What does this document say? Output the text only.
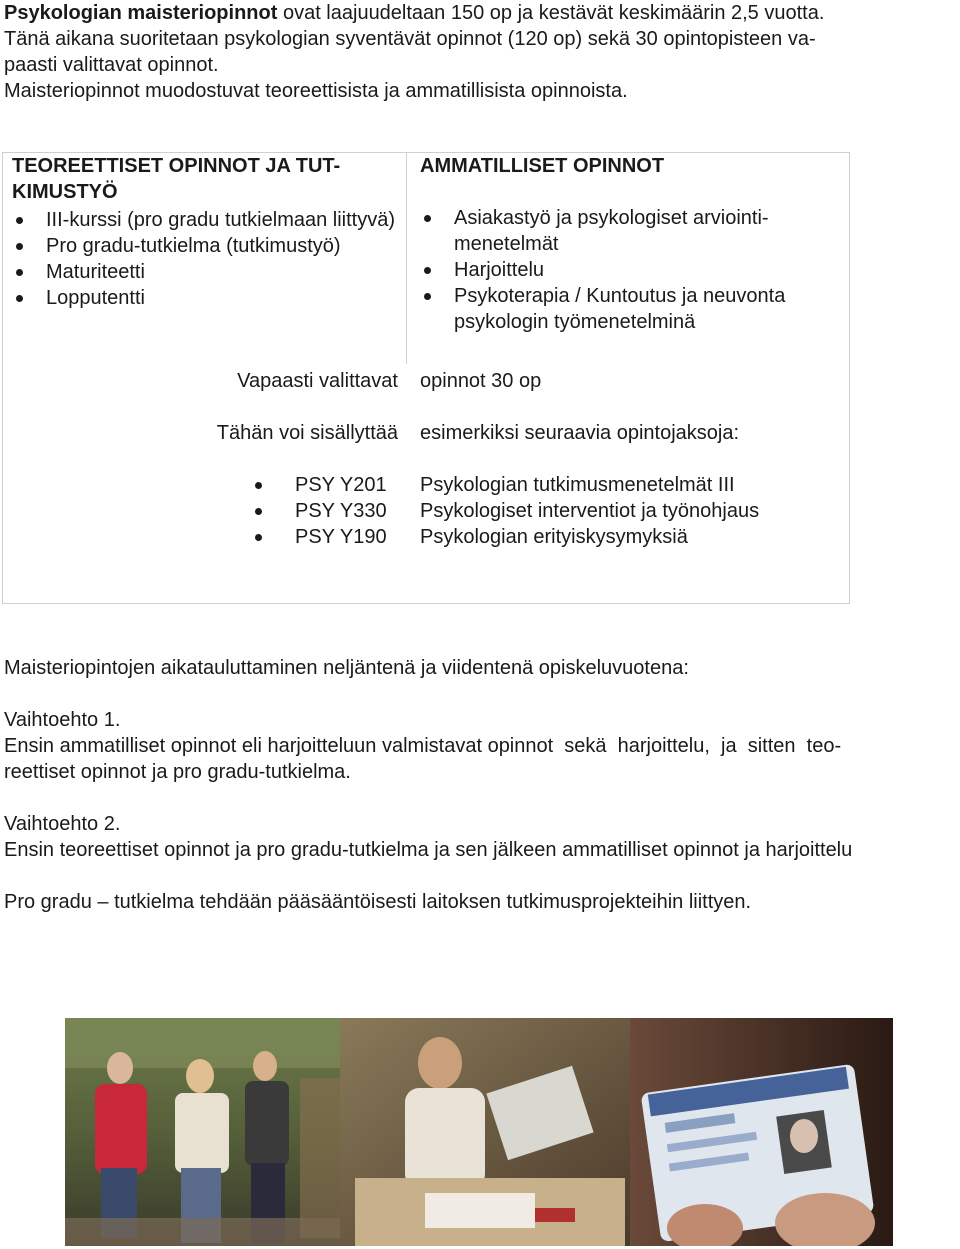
Psykologian maisteriopinnot ovat laajuudeltaan 150 op ja kestävät keskimäärin 2,5 vuotta.
Tänä aikana suoritetaan psykologian syventävät opinnot (120 op) sekä 30 opintopisteen va-
paasti valittavat opinnot.
Maisteriopinnot muodostuvat teoreettisista ja ammatillisista opinnoista.
TEOREETTISET OPINNOT JA TUT-
KIMUSTYÖ
III-kurssi (pro gradu tutkielmaan liittyvä)
Pro gradu-tutkielma (tutkimustyö)
Maturiteetti
Lopputentti
AMMATILLISET OPINNOT
Asiakastyö ja psykologiset arviointi-menetelmät
Harjoittelu
Psykoterapia / Kuntoutus ja neuvonta psykologin työmenetelminä
Vapaasti valittavat opinnot 30 op
Tähän voi sisällyttää esimerkiksi seuraavia opintojaksoja:
PSY Y201
PSY Y330
PSY Y190
Psykologian tutkimusmenetelmät III
Psykologiset interventiot ja työnohjaus
Psykologian erityiskysymyksiä
Maisteriopintojen aikatauluttaminen neljäntenä ja viidentenä opiskeluvuotena:
Vaihtoehto 1.
Ensin ammatilliset opinnot eli harjoitteluun valmistavat opinnot  sekä  harjoittelu,  ja  sitten  teo-
reettiset opinnot ja pro gradu-tutkielma.
Vaihtoehto 2.
Ensin teoreettiset opinnot ja pro gradu-tutkielma ja sen jälkeen ammatilliset opinnot ja harjoittelu
Pro gradu – tutkielma tehdään pääsääntöisesti laitoksen tutkimusprojekteihin liittyen.
